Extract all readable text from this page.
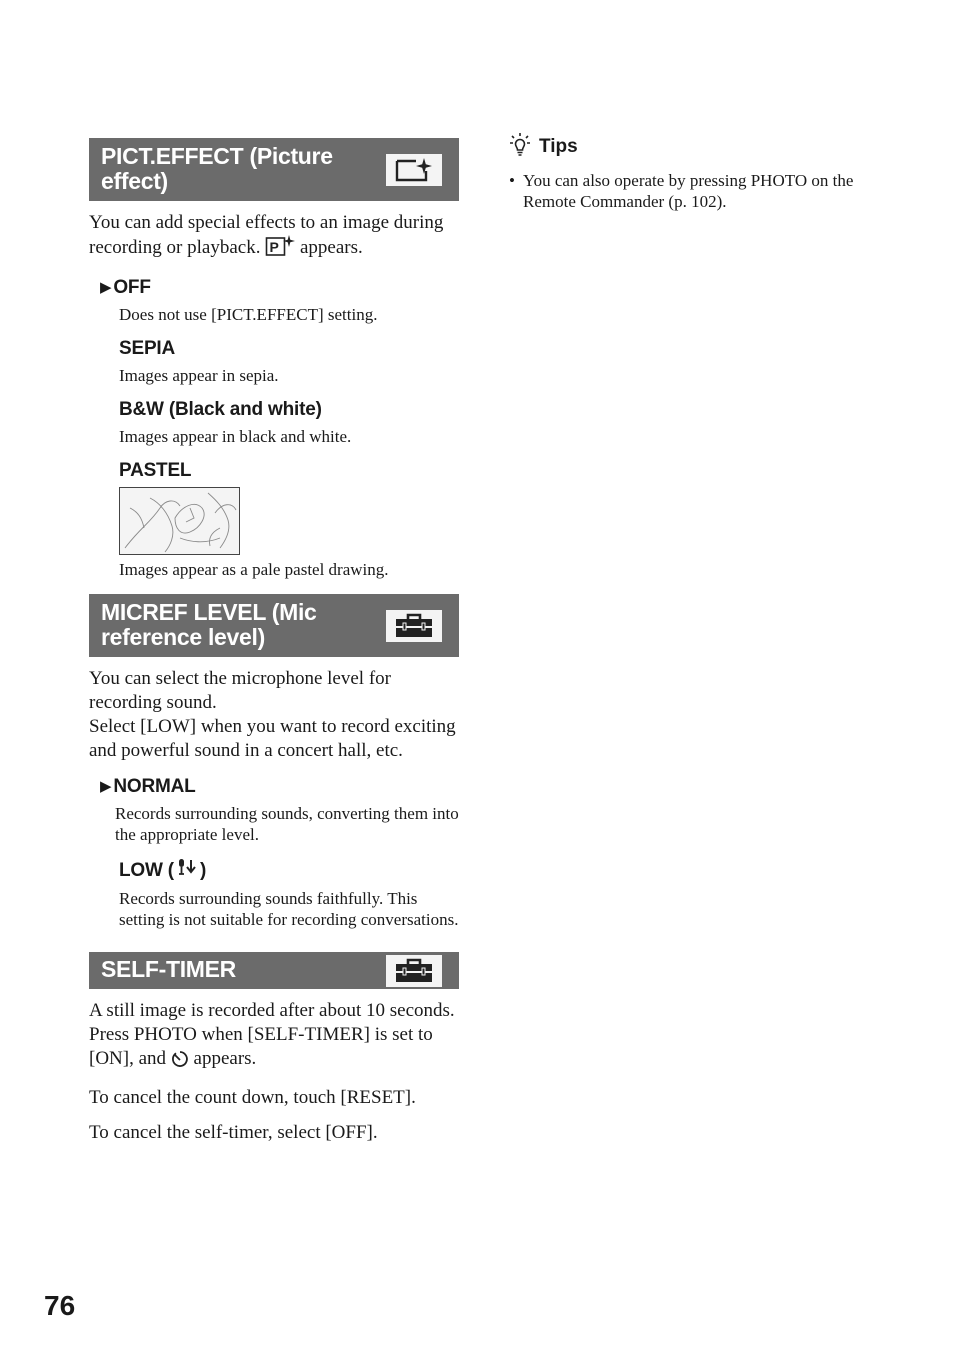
PICT.EFFECT (Picture
effect)

You can add special effects to an image during recording or playback. P appears.

▶ OFF

Does not use [PICT.EFFECT] setting.

SEPIA

Images appear in sepia.

B&W (Black and white)

Images appear in black and white.

PASTEL

Images appear as a pale pastel drawing.

MICREF LEVEL (Mic
reference level)

You can select the microphone level for recording sound.

Select [LOW] when you want to record exciting and powerful sound in a concert hall, etc.

▶ NORMAL

Records surrounding sounds, converting them into the appropriate level.

LOW ( )

Records surrounding sounds faithfully. This setting is not suitable for recording conversations.

SELF-TIMER

A still image is recorded after about 10 seconds.

Press PHOTO when [SELF-TIMER] is set to [ON], and appears.

To cancel the count down, touch [RESET].

To cancel the self-timer, select [OFF].

Tips
• You can also operate by pressing PHOTO on the Remote Commander (p. 102).
76
